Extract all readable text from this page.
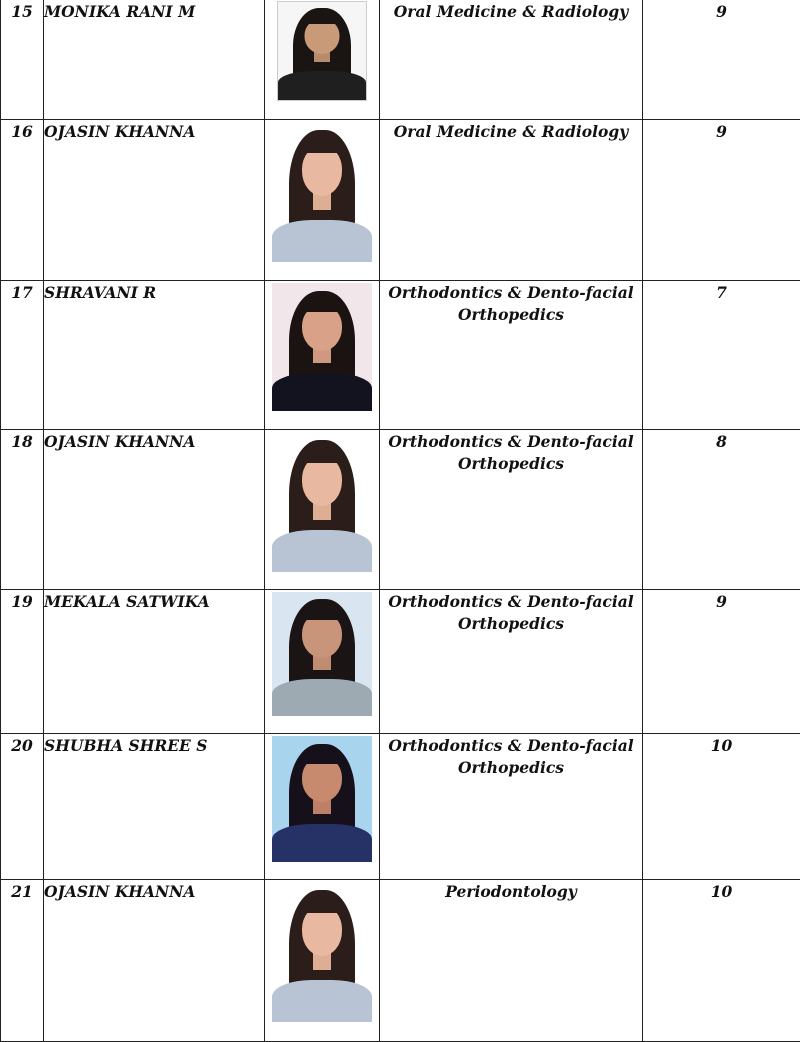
15	MONIKA RANI M		Oral Medicine & Radiology	9
16	OJASIN KHANNA		Oral Medicine & Radiology	9
17	SHRAVANI R		Orthodontics & Dento-facial Orthopedics	7
18	OJASIN KHANNA		Orthodontics & Dento-facial Orthopedics	8
19	MEKALA SATWIKA		Orthodontics & Dento-facial Orthopedics	9
20	SHUBHA SHREE S		Orthodontics & Dento-facial Orthopedics	10
21	OJASIN KHANNA		Periodontology	10
